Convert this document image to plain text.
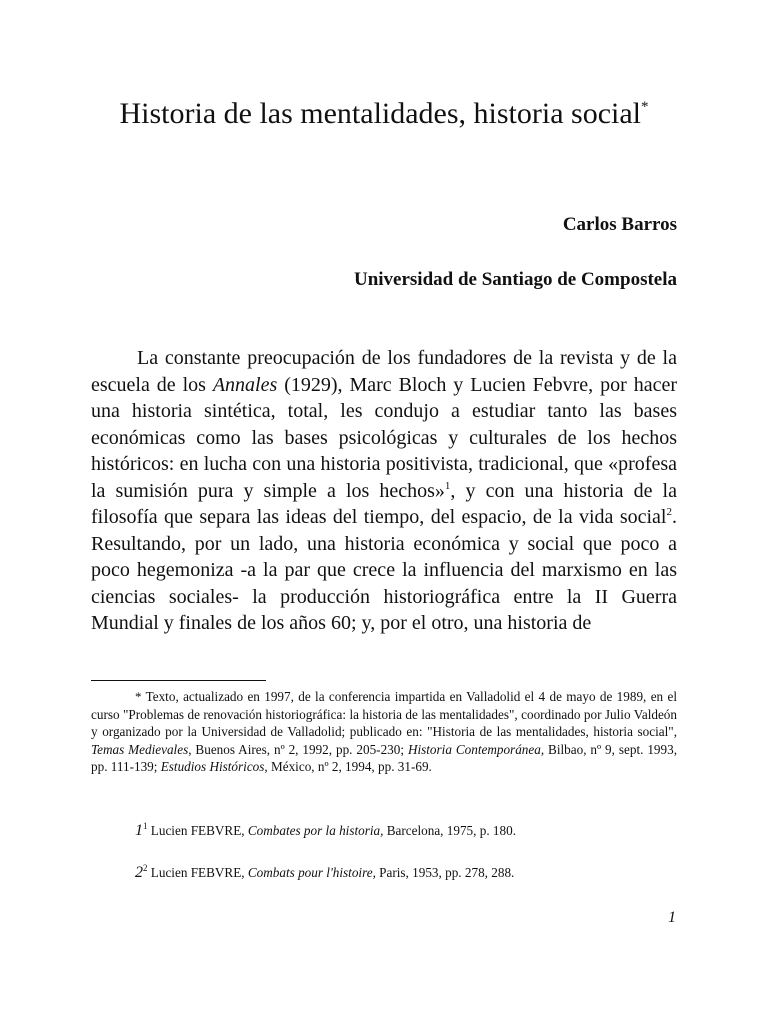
Historia de las mentalidades, historia social*
Carlos Barros
Universidad de Santiago de Compostela

La constante preocupación de los fundadores de la revista y de la escuela de los Annales (1929), Marc Bloch y Lucien Febvre, por hacer una historia sintética, total, les condujo a estudiar tanto las bases económicas como las bases psicológicas y culturales de los hechos históricos: en lucha con una historia positivista, tradicional, que «profesa la sumisión pura y simple a los hechos»$^1$, y con una historia de la filosofía que separa las ideas del tiempo, del espacio, de la vida social$^2$. Resultando, por un lado, una historia económica y social que poco a poco hegemoniza -a la par que crece la influencia del marxismo en las ciencias sociales- la producción historiográfica entre la II Guerra Mundial y finales de los años 60; y, por el otro, una historia de

* Texto, actualizado en 1997, de la conferencia impartida en Valladolid el 4 de mayo de 1989, en el curso "Problemas de renovación historiográfica: la historia de las mentalidades", coordinado por Julio Valdeón y organizado por la Universidad de Valladolid; publicado en: "Historia de las mentalidades, historia social", Temas Medievales, Buenos Aires, nº 2, 1992, pp. 205-230; Historia Contemporánea, Bilbao, nº 9, sept. 1993, pp. 111-139; Estudios Históricos, México, nº 2, 1994, pp. 31-69.

$1^1$ Lucien FEBVRE, Combates por la historia, Barcelona, 1975, p. 180.

$2^2$ Lucien FEBVRE, Combats pour l'histoire, Paris, 1953, pp. 278, 288.

1
